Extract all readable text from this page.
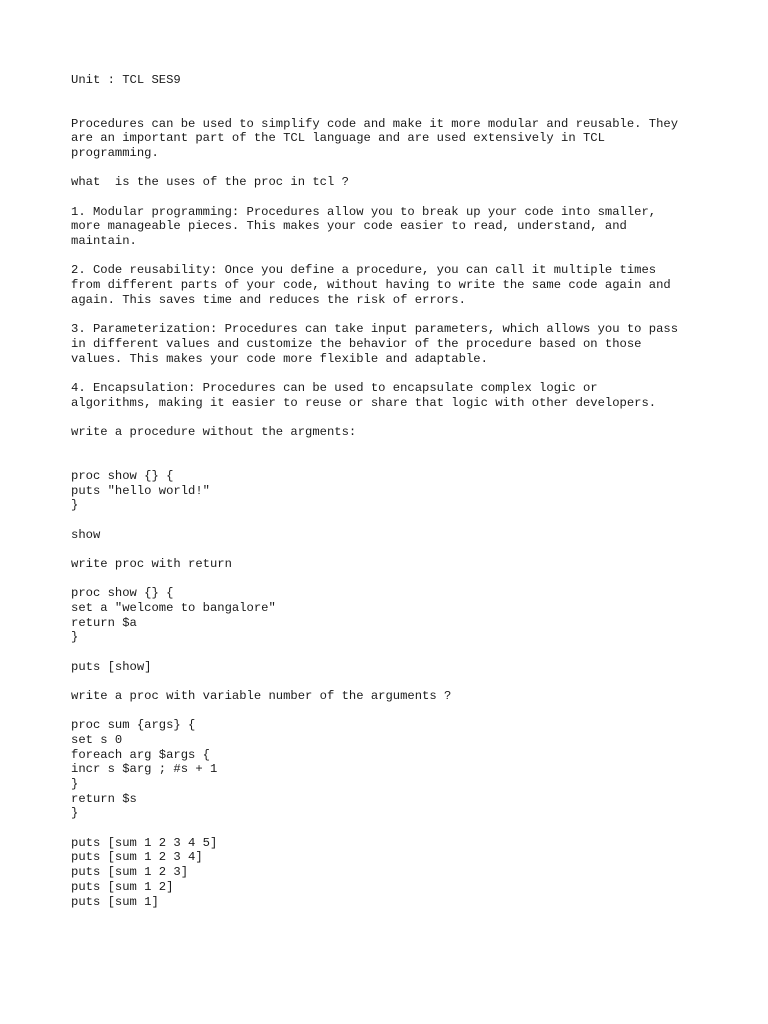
Unit : TCL SES9
Procedures can be used to simplify code and make it more modular and reusable. They
are an important part of the TCL language and are used extensively in TCL
programming.
what  is the uses of the proc in tcl ?
1. Modular programming: Procedures allow you to break up your code into smaller,
more manageable pieces. This makes your code easier to read, understand, and
maintain.
2. Code reusability: Once you define a procedure, you can call it multiple times
from different parts of your code, without having to write the same code again and
again. This saves time and reduces the risk of errors.
3. Parameterization: Procedures can take input parameters, which allows you to pass
in different values and customize the behavior of the procedure based on those
values. This makes your code more flexible and adaptable.
4. Encapsulation: Procedures can be used to encapsulate complex logic or
algorithms, making it easier to reuse or share that logic with other developers.
write a procedure without the argments:
proc show {} {
puts "hello world!"
}
show
write proc with return
proc show {} {
set a "welcome to bangalore"
return $a
}
puts [show]
write a proc with variable number of the arguments ?
proc sum {args} {
set s 0
foreach arg $args {
incr s $arg ; #s + 1
}
return $s
}
puts [sum 1 2 3 4 5]
puts [sum 1 2 3 4]
puts [sum 1 2 3]
puts [sum 1 2]
puts [sum 1]
